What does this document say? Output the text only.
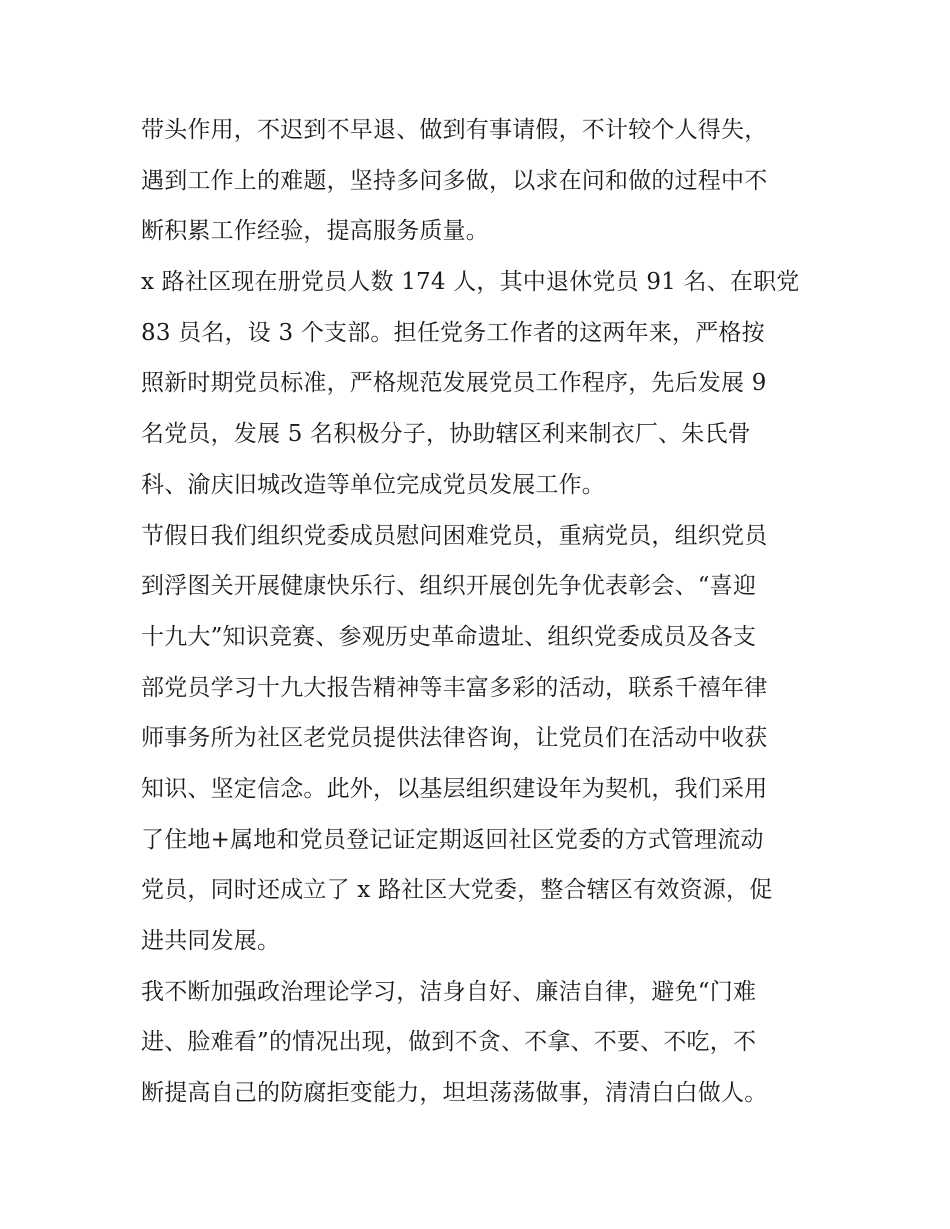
带头作用，不迟到不早退、做到有事请假，不计较个人得失，
遇到工作上的难题，坚持多问多做，以求在问和做的过程中不
断积累工作经验，提高服务质量。
x 路社区现在册党员人数 174 人，其中退休党员 91 名、在职党
83 员名，设 3 个支部。担任党务工作者的这两年来，严格按
照新时期党员标准，严格规范发展党员工作程序，先后发展 9
名党员，发展 5 名积极分子，协助辖区利来制衣厂、朱氏骨
科、渝庆旧城改造等单位完成党员发展工作。
节假日我们组织党委成员慰问困难党员，重病党员，组织党员
到浮图关开展健康快乐行、组织开展创先争优表彰会、“喜迎
十九大”知识竞赛、参观历史革命遗址、组织党委成员及各支
部党员学习十九大报告精神等丰富多彩的活动，联系千禧年律
师事务所为社区老党员提供法律咨询，让党员们在活动中收获
知识、坚定信念。此外，以基层组织建设年为契机，我们采用
了住地+属地和党员登记证定期返回社区党委的方式管理流动
党员，同时还成立了 x 路社区大党委，整合辖区有效资源，促
进共同发展。
我不断加强政治理论学习，洁身自好、廉洁自律，避免“门难
进、脸难看”的情况出现，做到不贪、不拿、不要、不吃，不
断提高自己的防腐拒变能力，坦坦荡荡做事，清清白白做人。
